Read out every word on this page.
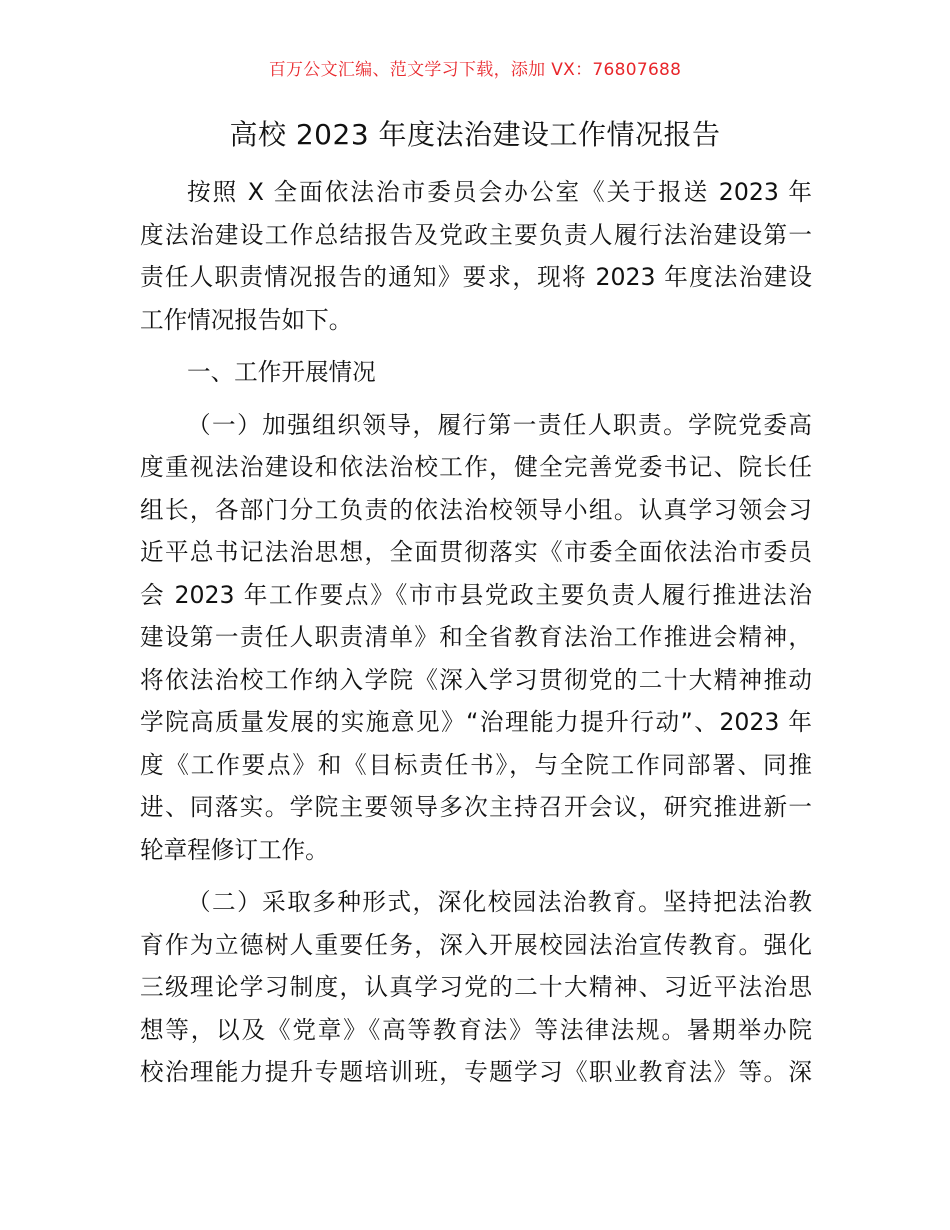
百万公文汇编、范文学习下载，添加 VX：76807688
高校 2023 年度法治建设工作情况报告
按照 X 全面依法治市委员会办公室《关于报送 2023 年
度法治建设工作总结报告及党政主要负责人履行法治建设第一
责任人职责情况报告的通知》要求，现将 2023 年度法治建设
工作情况报告如下。
一、工作开展情况
（一）加强组织领导，履行第一责任人职责。学院党委高
度重视法治建设和依法治校工作，健全完善党委书记、院长任
组长，各部门分工负责的依法治校领导小组。认真学习领会习
近平总书记法治思想，全面贯彻落实《市委全面依法治市委员
会 2023 年工作要点》《市市县党政主要负责人履行推进法治
建设第一责任人职责清单》和全省教育法治工作推进会精神，
将依法治校工作纳入学院《深入学习贯彻党的二十大精神推动
学院高质量发展的实施意见》“治理能力提升行动”、2023 年
度《工作要点》和《目标责任书》，与全院工作同部署、同推
进、同落实。学院主要领导多次主持召开会议，研究推进新一
轮章程修订工作。
（二）采取多种形式，深化校园法治教育。坚持把法治教
育作为立德树人重要任务，深入开展校园法治宣传教育。强化
三级理论学习制度，认真学习党的二十大精神、习近平法治思
想等，以及《党章》《高等教育法》等法律法规。暑期举办院
校治理能力提升专题培训班，专题学习《职业教育法》等。深
